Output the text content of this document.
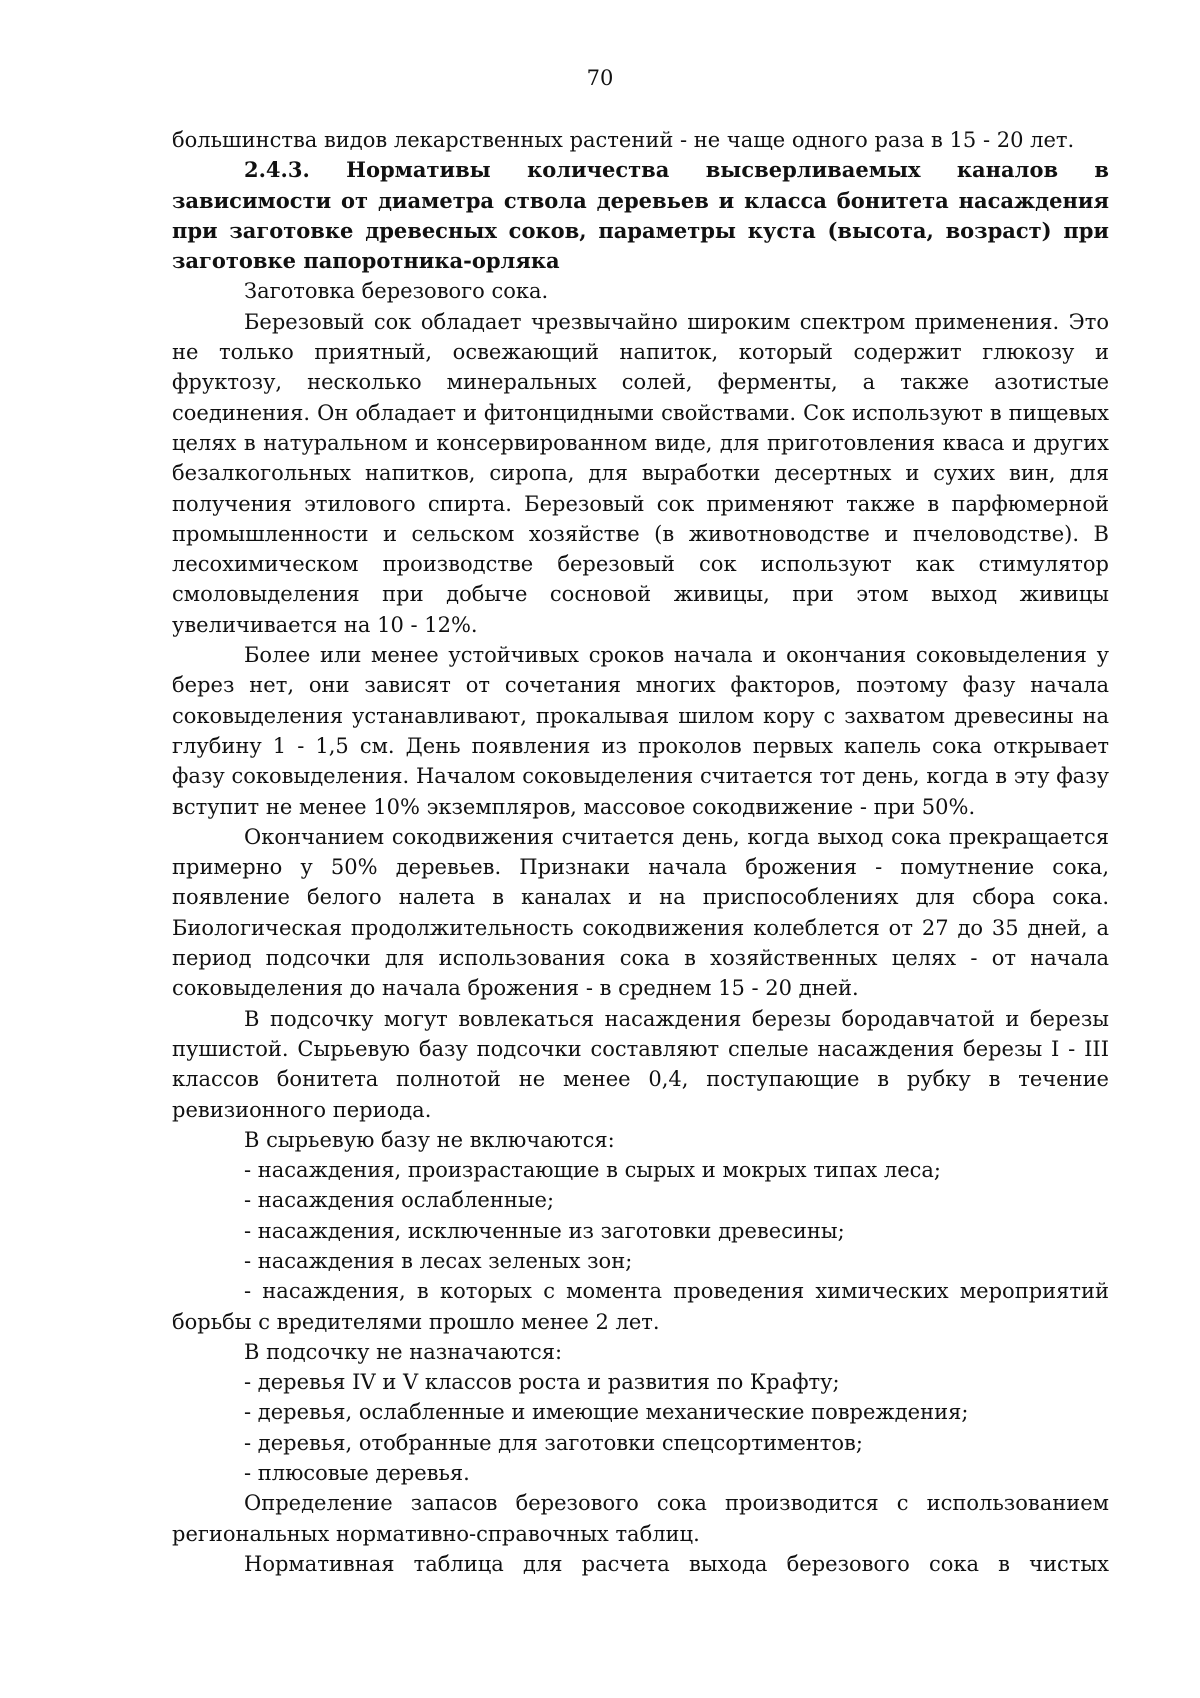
70

большинства видов лекарственных растений - не чаще одного раза в 15 - 20 лет.

2.4.3. Нормативы количества высверливаемых каналов в зависимости от диаметра ствола деревьев и класса бонитета насаждения при заготовке древесных соков, параметры куста (высота, возраст) при заготовке папоротника-орляка

Заготовка березового сока.

Березовый сок обладает чрезвычайно широким спектром применения. Это не только приятный, освежающий напиток, который содержит глюкозу и фруктозу, несколько минеральных солей, ферменты, а также азотистые соединения. Он обладает и фитонцидными свойствами. Сок используют в пищевых целях в натуральном и консервированном виде, для приготовления кваса и других безалкогольных напитков, сиропа, для выработки десертных и сухих вин, для получения этилового спирта. Березовый сок применяют также в парфюмерной промышленности и сельском хозяйстве (в животноводстве и пчеловодстве). В лесохимическом производстве березовый сок используют как стимулятор смоловыделения при добыче сосновой живицы, при этом выход живицы увеличивается на 10 - 12%.

Более или менее устойчивых сроков начала и окончания соковыделения у берез нет, они зависят от сочетания многих факторов, поэтому фазу начала соковыделения устанавливают, прокалывая шилом кору с захватом древесины на глубину 1 - 1,5 см. День появления из проколов первых капель сока открывает фазу соковыделения. Началом соковыделения считается тот день, когда в эту фазу вступит не менее 10% экземпляров, массовое сокодвижение - при 50%.

Окончанием сокодвижения считается день, когда выход сока прекращается примерно у 50% деревьев. Признаки начала брожения - помутнение сока, появление белого налета в каналах и на приспособлениях для сбора сока. Биологическая продолжительность сокодвижения колеблется от 27 до 35 дней, а период подсочки для использования сока в хозяйственных целях - от начала соковыделения до начала брожения - в среднем 15 - 20 дней.

В подсочку могут вовлекаться насаждения березы бородавчатой и березы пушистой. Сырьевую базу подсочки составляют спелые насаждения березы I - III классов бонитета полнотой не менее 0,4, поступающие в рубку в течение ревизионного периода.

В сырьевую базу не включаются:

- насаждения, произрастающие в сырых и мокрых типах леса;

- насаждения ослабленные;

- насаждения, исключенные из заготовки древесины;

- насаждения в лесах зеленых зон;

- насаждения, в которых с момента проведения химических мероприятий борьбы с вредителями прошло менее 2 лет.

В подсочку не назначаются:

- деревья IV и V классов роста и развития по Крафту;

- деревья, ослабленные и имеющие механические повреждения;

- деревья, отобранные для заготовки спецсортиментов;

- плюсовые деревья.

Определение запасов березового сока производится с использованием региональных нормативно-справочных таблиц.

Нормативная таблица для расчета выхода березового сока в чистых
